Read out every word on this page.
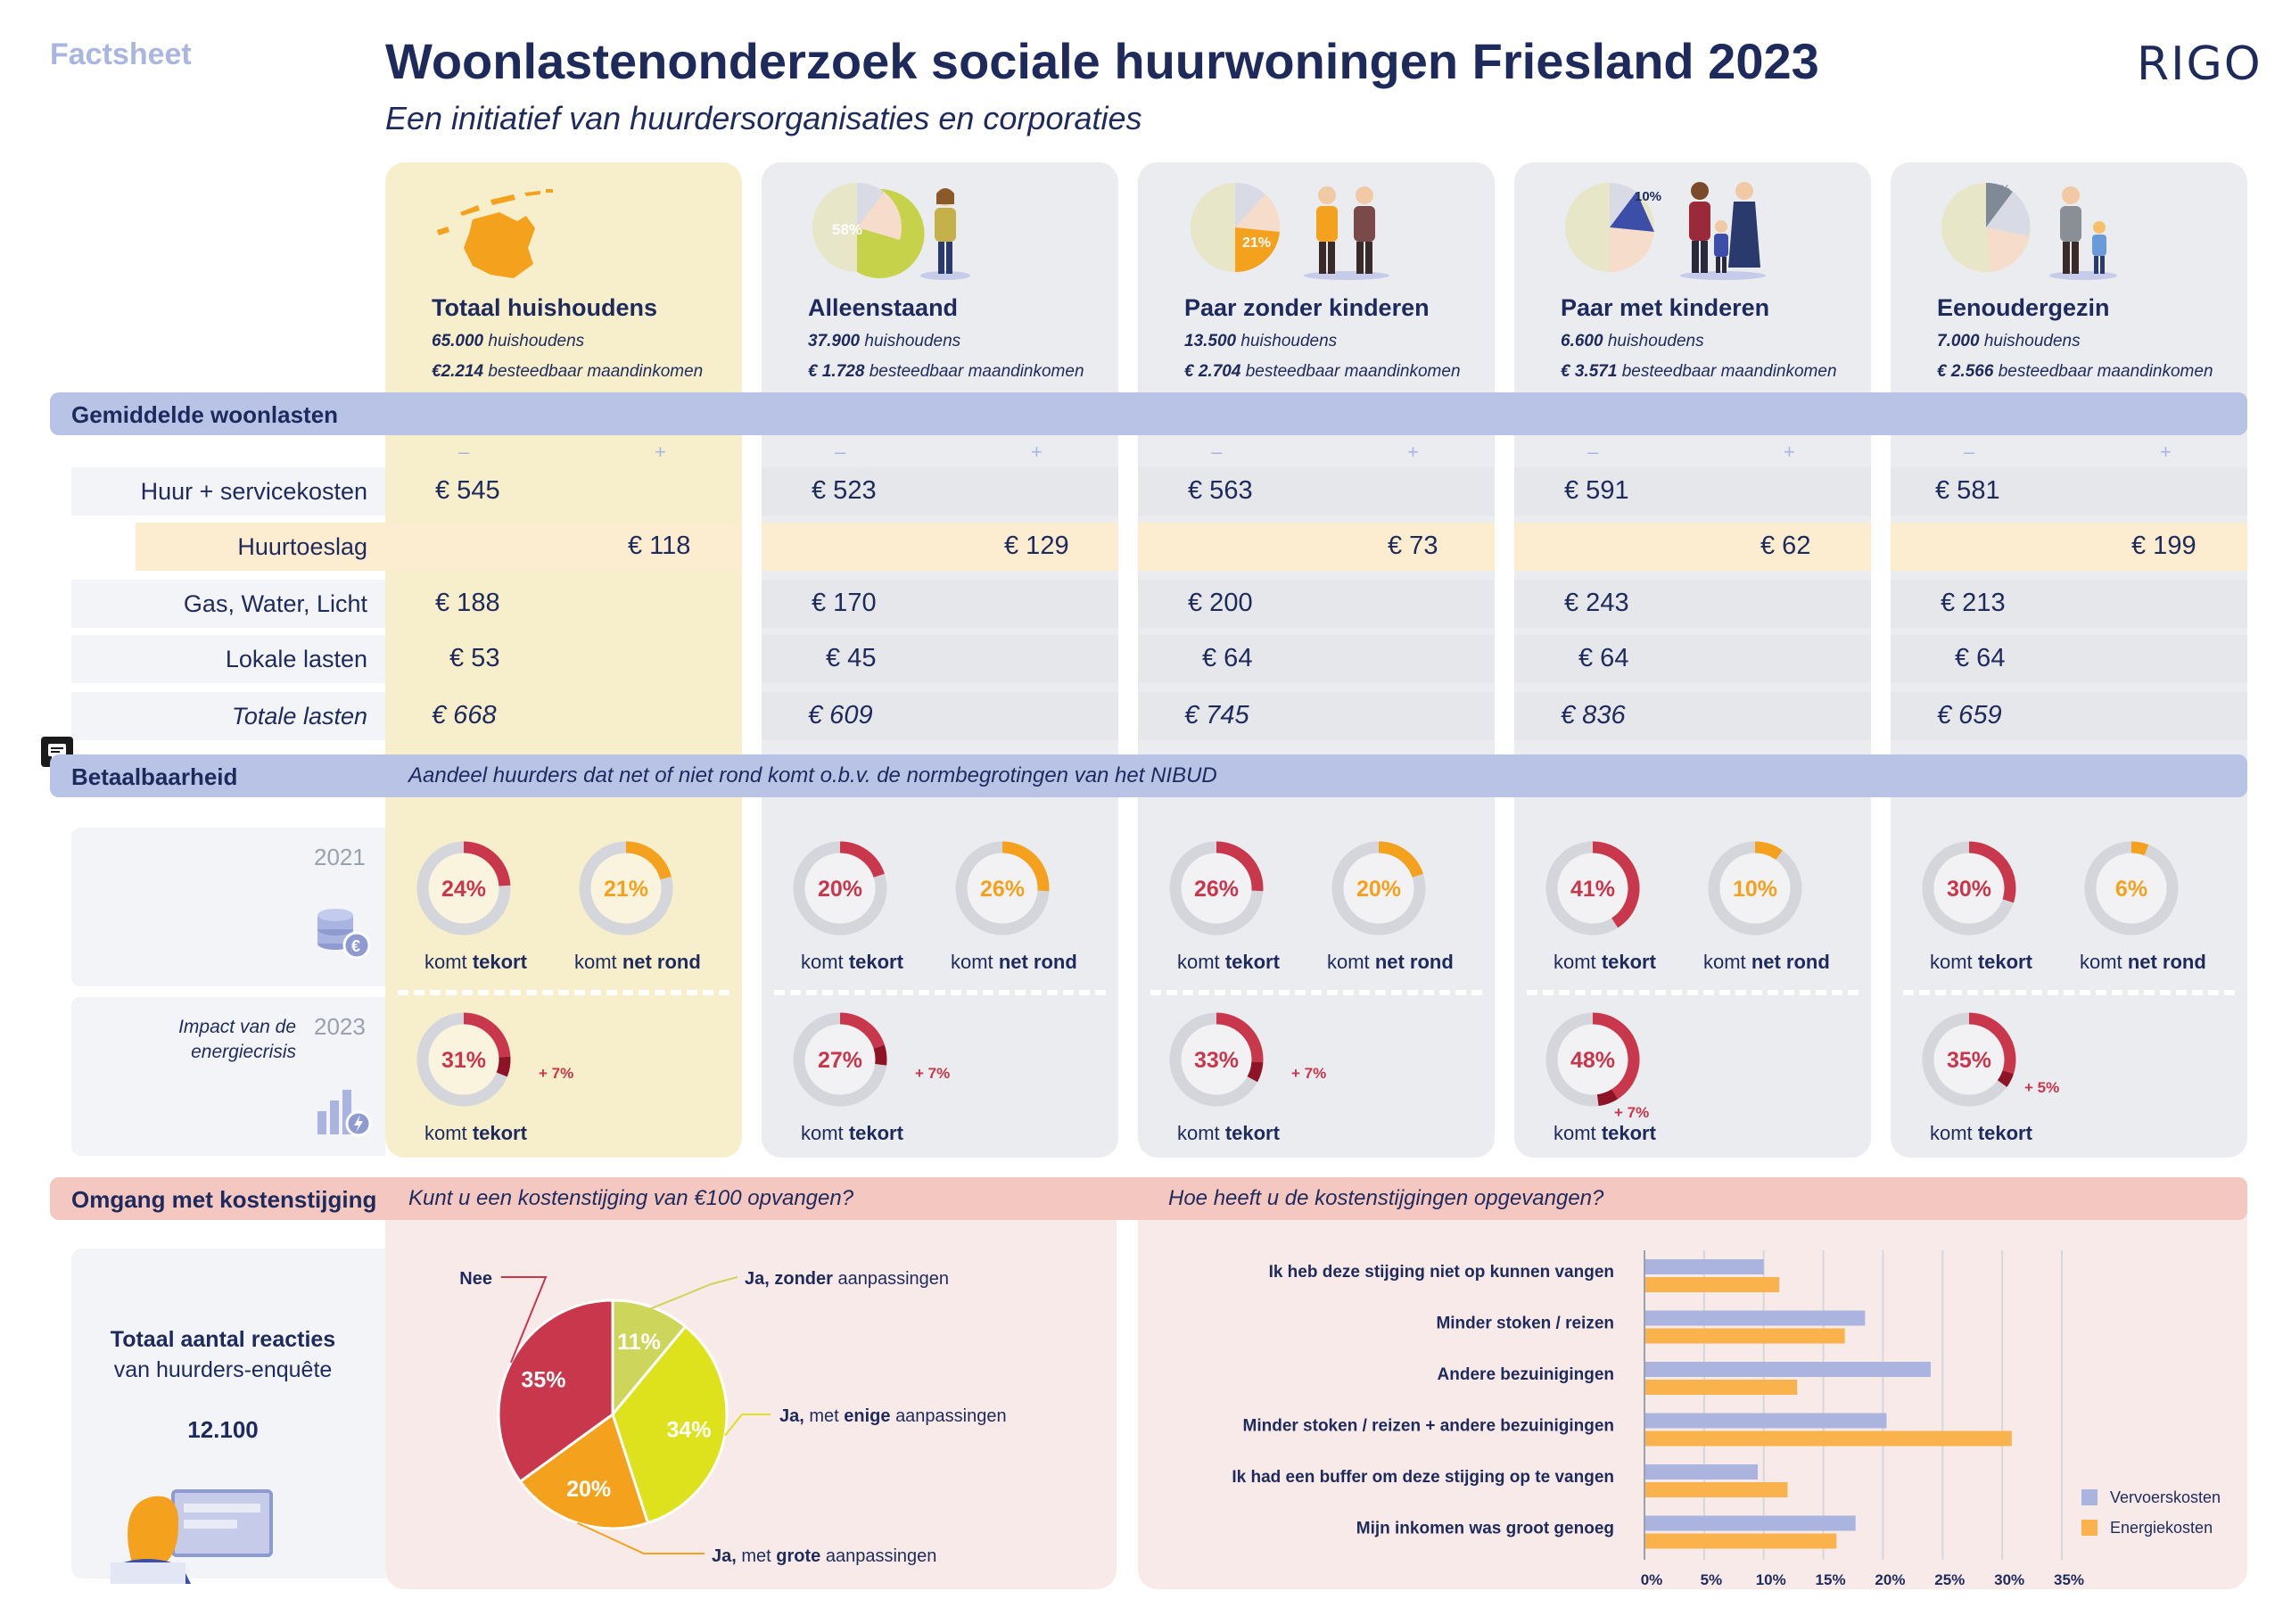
Factsheet	Woonlastenonderzoek sociale huurwoningen Friesland 2023
Een initiatief van huurdersorganisaties en corporaties
RIGO
Totaal huishoudens
65.000 huishoudens
€2.214 besteedbaar maandinkomen
Alleenstaand
37.900 huishoudens
€ 1.728 besteedbaar maandinkomen
Paar zonder kinderen
13.500 huishoudens
€ 2.704 besteedbaar maandinkomen
Paar met kinderen
6.600 huishoudens
€ 3.571 besteedbaar maandinkomen
Eenoudergezin
7.000 huishoudens
€ 2.566 besteedbaar maandinkomen
58%
21%
10%	11%
Gemiddelde woonlasten
–	+	–	+	–	+	–	+	–	+
Huur + servicekosten	€ 545	€ 523	€ 563	€ 591	€ 581
Huurtoeslag	€ 118	€ 129	€ 73	€ 62	€ 199
Gas, Water, Licht	€ 188	€ 170	€ 200	€ 243	€ 213
Lokale lasten	€ 53	€ 45	€ 64	€ 64	€ 64
Totale lasten € 668	€ 609	€ 745	€ 836	€ 659
Betaalbaarheid	Aandeel huurders dat net of niet rond komt o.b.v. de normbegrotingen van het NIBUD
2021
2023
Impact van de
energiecrisis
€
24%	21%
komt tekort komt net rond
31%
komt tekort
+ 7%
20%	26%
komt tekort komt net rond
27%
komt tekort
+ 7%
26%	20%
komt tekort komt net rond
33%
komt tekort
+ 7%
41%	10%
komt tekort komt net rond
48%
komt tekort
+ 7%
30%	6%
komt tekort komt net rond
35%
komt tekort
+ 5%
Omgang met kostenstijging Kunt u een kostenstijging van €100 opvangen?	Hoe heeft u de kostenstijgingen opgevangen?
Totaal aantal reacties
van huurders-enquête
12.100
11%
34%
20%
35%
Ja, zonder aanpassingen
Ja, met enige aanpassingen
Ja, met grote aanpassingen
Nee	Ik heb deze stijging niet op kunnen vangen
Minder stoken / reizen
Andere bezuinigingen
Minder stoken / reizen + andere bezuinigingen
Ik had een buffer om deze stijging op te vangen
Mijn inkomen was groot genoeg
0% 5% 10% 15% 20% 25% 30% 35%
Vervoerskosten
Energiekosten
